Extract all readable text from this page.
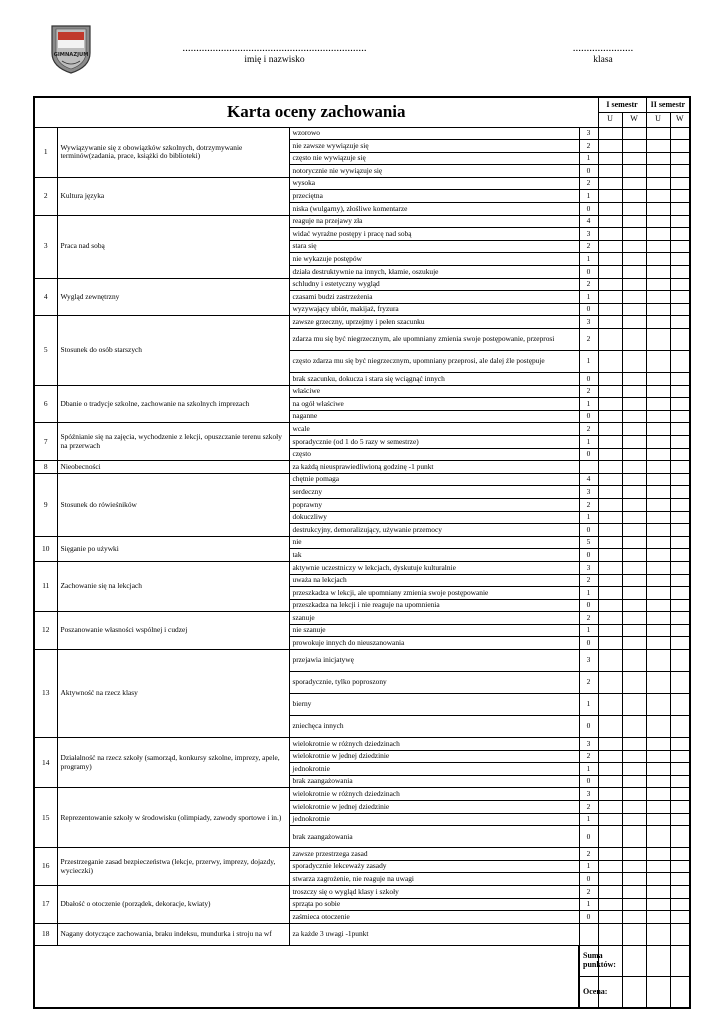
GIMNAZJUM
...................................................................
imię i nazwisko
......................
klasa
Karta oceny zachowania				I semestr		II semestr	
				U	W	U	W
1	Wywiązywanie się z obowiązków szkolnych, dotrzymywanie terminów(zadania, prace, książki do biblioteki)	wzorowo	3				
		nie zawsze wywiązuje się	2				
		często nie wywiązuje się	1				
		notorycznie nie wywiązuje się	0				
2	Kultura języka	wysoka	2				
		przeciętna	1				
		niska (wulgarny), złośliwe komentarze	0				
3	Praca nad sobą	reaguje na przejawy zła	4				
		widać wyraźne postępy i pracę nad sobą	3				
		stara się	2				
		nie wykazuje postępów	1				
		działa destruktywnie na innych, kłamie, oszukuje	0				
4	Wygląd zewnętrzny	schludny i estetyczny wygląd	2				
		czasami budzi zastrzeżenia	1				
		wyzywający ubiór, makijaż, fryzura	0				
5	Stosunek do osób starszych	zawsze grzeczny, uprzejmy i pełen szacunku	3				
		zdarza mu się być niegrzecznym, ale upomniany zmienia swoje postępowanie, przeprosi	2				
		często zdarza mu się być niegrzecznym, upomniany przeprosi, ale dalej źle postępuje	1				
		brak szacunku, dokucza i stara się wciągnąć innych	0				
6	Dbanie o tradycje szkolne, zachowanie na szkolnych imprezach	właściwe	2				
		na ogół właściwe	1				
		naganne	0				
7	Spóźnianie się na zajęcia, wychodzenie z lekcji, opuszczanie terenu szkoły na przerwach	wcale	2				
		sporadycznie (od 1 do 5 razy w semestrze)	1				
		często	0				
8	Nieobecności	za każdą nieusprawiedliwioną godzinę -1 punkt					
9	Stosunek do rówieśników	chętnie pomaga	4				
		serdeczny	3				
		poprawny	2				
		dokuczliwy	1				
		destrukcyjny, demoralizujący, używanie przemocy	0				
10	Sięganie po używki	nie	5				
		tak	0				
11	Zachowanie się na lekcjach	aktywnie uczestniczy w lekcjach, dyskutuje kulturalnie	3				
		uważa na lekcjach	2				
		przeszkadza w lekcji, ale upomniany zmienia swoje postępowanie	1				
		przeszkadza na lekcji i nie reaguje na upomnienia	0				
12	Poszanowanie własności wspólnej i cudzej	szanuje	2				
		nie szanuje	1				
		prowokuje innych do nieuszanowania	0				
13	Aktywność na rzecz klasy	przejawia inicjatywę	3				
		sporadycznie, tylko poproszony	2				
		bierny	1				
		zniechęca innych	0				
14	Działalność na rzecz szkoły (samorząd, konkursy szkolne, imprezy, apele, programy)	wielokrotnie w różnych dziedzinach	3				
		wielokrotnie w jednej dziedzinie	2				
		jednokrotnie	1				
		brak zaangażowania	0				
15	Reprezentowanie szkoły w środowisku (olimpiady, zawody sportowe i in.)	wielokrotnie w różnych dziedzinach	3				
		wielokrotnie w jednej dziedzinie	2				
		jednokrotnie	1				
		brak zaangażowania	0				
16	Przestrzeganie zasad bezpieczeństwa (lekcje, przerwy, imprezy, dojazdy, wycieczki)	zawsze przestrzega zasad	2				
		sporadycznie lekceważy zasady	1				
		stwarza zagrożenie, nie reaguje na uwagi	0				
17	Dbałość o otoczenie (porządek, dekoracje, kwiaty)	troszczy się o wygląd klasy i szkoły	2				
		sprząta po sobie	1				
		zaśmieca otoczenie	0				
18	Nagany dotyczące zachowania, braku indeksu, mundurka i stroju na wf	za każde 3 uwagi -1punkt					
			Suma punktów:				
			Ocena:				
